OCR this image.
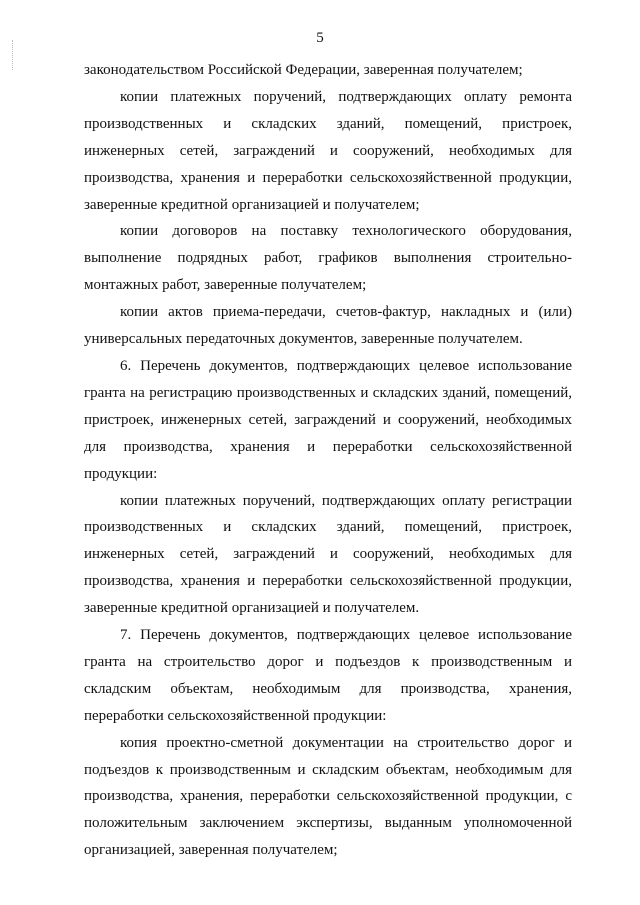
5

законодательством Российской Федерации, заверенная получателем;

копии платежных поручений, подтверждающих оплату ремонта производственных и складских зданий, помещений, пристроек, инженерных сетей, заграждений и сооружений, необходимых для производства, хранения и переработки сельскохозяйственной продукции, заверенные кредитной организацией и получателем;

копии договоров на поставку технологического оборудования, выполнение подрядных работ, графиков выполнения строительно-монтажных работ, заверенные получателем;

копии актов приема-передачи, счетов-фактур, накладных и (или) универсальных передаточных документов, заверенные получателем.

6. Перечень документов, подтверждающих целевое использование гранта на регистрацию производственных и складских зданий, помещений, пристроек, инженерных сетей, заграждений и сооружений, необходимых для производства, хранения и переработки сельскохозяйственной продукции:

копии платежных поручений, подтверждающих оплату регистрации производственных и складских зданий, помещений, пристроек, инженерных сетей, заграждений и сооружений, необходимых для производства, хранения и переработки сельскохозяйственной продукции, заверенные кредитной организацией и получателем.

7. Перечень документов, подтверждающих целевое использование гранта на строительство дорог и подъездов к производственным и складским объектам, необходимым для производства, хранения, переработки сельскохозяйственной продукции:

копия проектно-сметной документации на строительство дорог и подъездов к производственным и складским объектам, необходимым для производства, хранения, переработки сельскохозяйственной продукции, с положительным заключением экспертизы, выданным уполномоченной организацией, заверенная получателем;
